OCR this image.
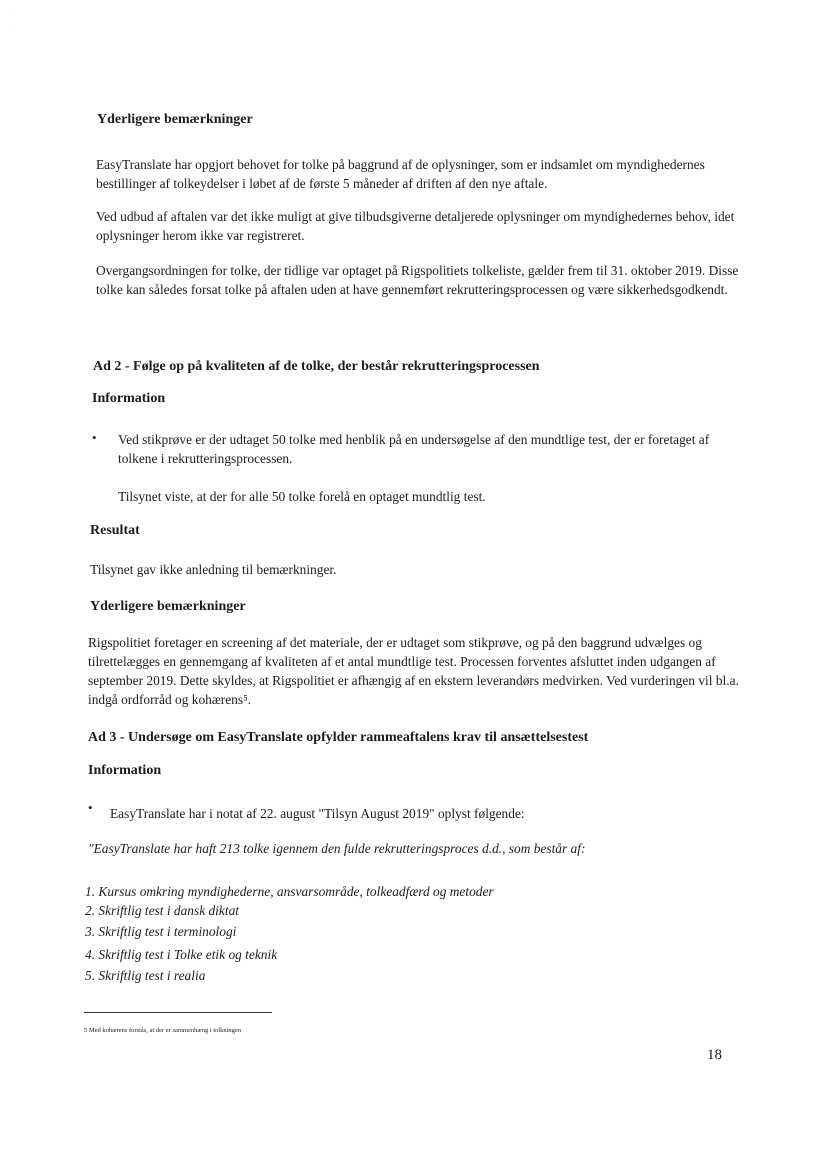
·

·

Yderligere bemærkninger

EasyTranslate har opgjort behovet for tolke på baggrund af de oplysninger, som er indsamlet om myndighedernes bestillinger af tolkeydelser i løbet af de første 5 måneder af driften af den nye aftale.

Ved udbud af aftalen var det ikke muligt at give tilbudsgiverne detaljerede oplysninger om myndighedernes behov, idet oplysninger herom ikke var registreret.

Overgangsordningen for tolke, der tidlige var optaget på Rigspolitiets tolkeliste, gælder frem til 31. oktober 2019. Disse tolke kan således forsat tolke på aftalen uden at have gennemført rekrutteringsprocessen og være sikkerhedsgodkendt.

Ad 2 - Følge op på kvaliteten af de tolke, der består rekrutteringsprocessen

Information

• Ved stikprøve er der udtaget 50 tolke med henblik på en undersøgelse af den mundtlige test, der er foretaget af tolkene i rekrutteringsprocessen.

Tilsynet viste, at der for alle 50 tolke forelå en optaget mundtlig test.

Resultat

Tilsynet gav ikke anledning til bemærkninger.

Yderligere bemærkninger

Rigspolitiet foretager en screening af det materiale, der er udtaget som stikprøve, og på den baggrund udvælges og tilrettelægges en gennemgang af kvaliteten af et antal mundtlige test. Processen forventes afsluttet inden udgangen af september 2019. Dette skyldes, at Rigspolitiet er afhængig af en ekstern leverandørs medvirken. Ved vurderingen vil bl.a. indgå ordforråd og kohærens⁵.

Ad 3 - Undersøge om EasyTranslate opfylder rammeaftalens krav til ansættelsestest

Information

• EasyTranslate har i notat af 22. august "Tilsyn August 2019" oplyst følgende:

"EasyTranslate har haft 213 tolke igennem den fulde rekrutteringsproces d.d., som består af:

1. Kursus omkring myndighederne, ansvarsområde, tolkeadfærd og metoder

2. Skriftlig test i dansk diktat

3. Skriftlig test i terminologi

4. Skriftlig test i Tolke etik og teknik

5. Skriftlig test i realia

5 Med kohærens forstås, at der er sammenhæng i tolkningen

18
